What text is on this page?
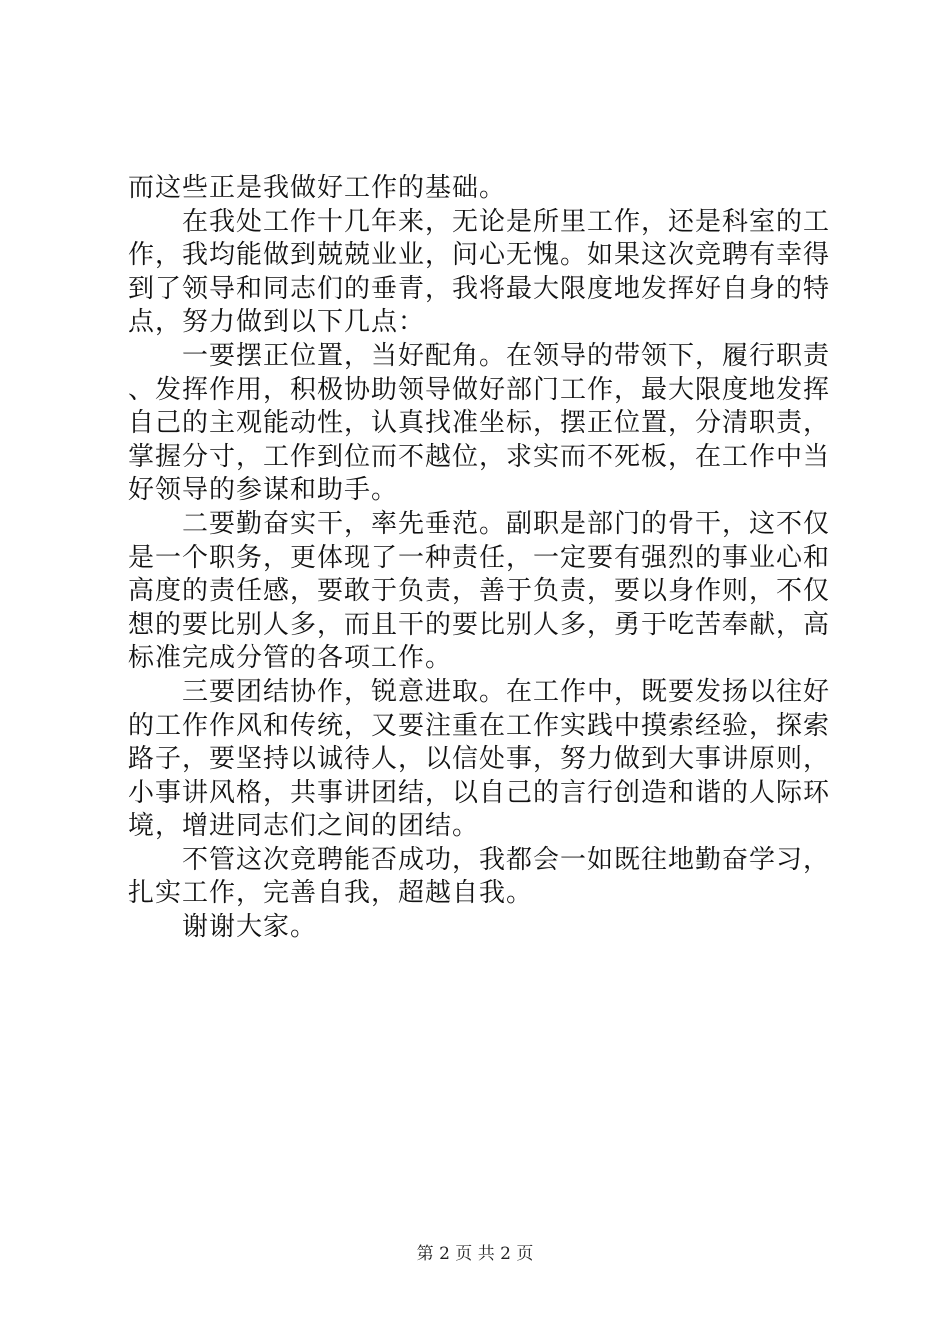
而这些正是我做好工作的基础。

在我处工作十几年来，无论是所里工作，还是科室的工作，我均能做到兢兢业业，问心无愧。如果这次竞聘有幸得到了领导和同志们的垂青，我将最大限度地发挥好自身的特点，努力做到以下几点：

一要摆正位置，当好配角。在领导的带领下，履行职责、发挥作用，积极协助领导做好部门工作，最大限度地发挥自己的主观能动性，认真找准坐标，摆正位置，分清职责，掌握分寸，工作到位而不越位，求实而不死板，在工作中当好领导的参谋和助手。

二要勤奋实干，率先垂范。副职是部门的骨干，这不仅是一个职务，更体现了一种责任，一定要有强烈的事业心和高度的责任感，要敢于负责，善于负责，要以身作则，不仅想的要比别人多，而且干的要比别人多，勇于吃苦奉献，高标准完成分管的各项工作。

三要团结协作，锐意进取。在工作中，既要发扬以往好的工作作风和传统，又要注重在工作实践中摸索经验，探索路子，要坚持以诚待人，以信处事，努力做到大事讲原则，小事讲风格，共事讲团结，以自己的言行创造和谐的人际环境，增进同志们之间的团结。

不管这次竞聘能否成功，我都会一如既往地勤奋学习，扎实工作，完善自我，超越自我。

谢谢大家。

第 2 页 共 2 页
